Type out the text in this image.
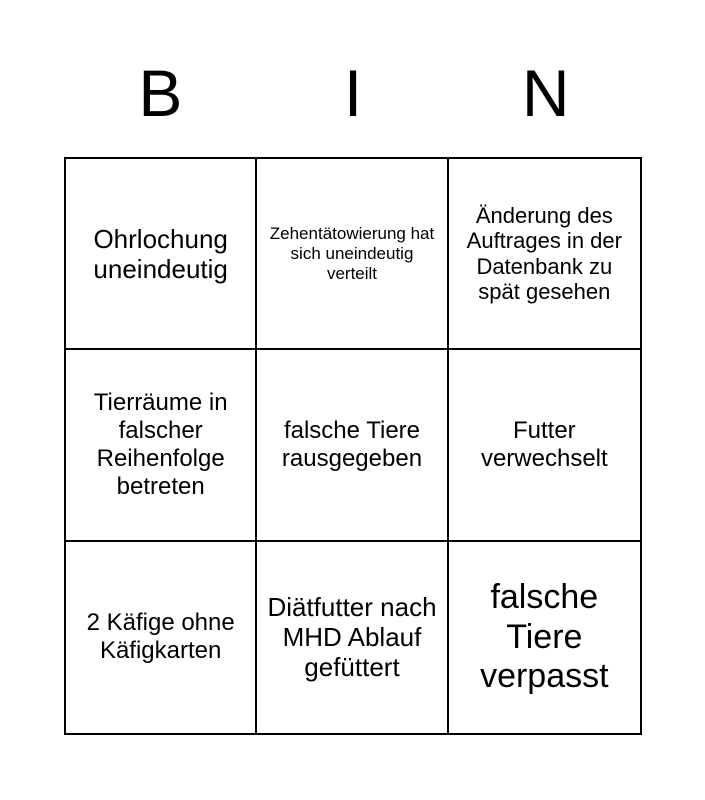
B	I	N
Ohrlochung uneindeutig
Zehentätowierung hat sich uneindeutig verteilt
Änderung des Auftrages in der Datenbank zu spät gesehen
Tierräume in falscher Reihenfolge betreten
falsche Tiere rausgegeben
Futter verwechselt
2 Käfige ohne Käfigkarten
Diätfutter nach MHD Ablauf gefüttert
falsche Tiere verpasst
